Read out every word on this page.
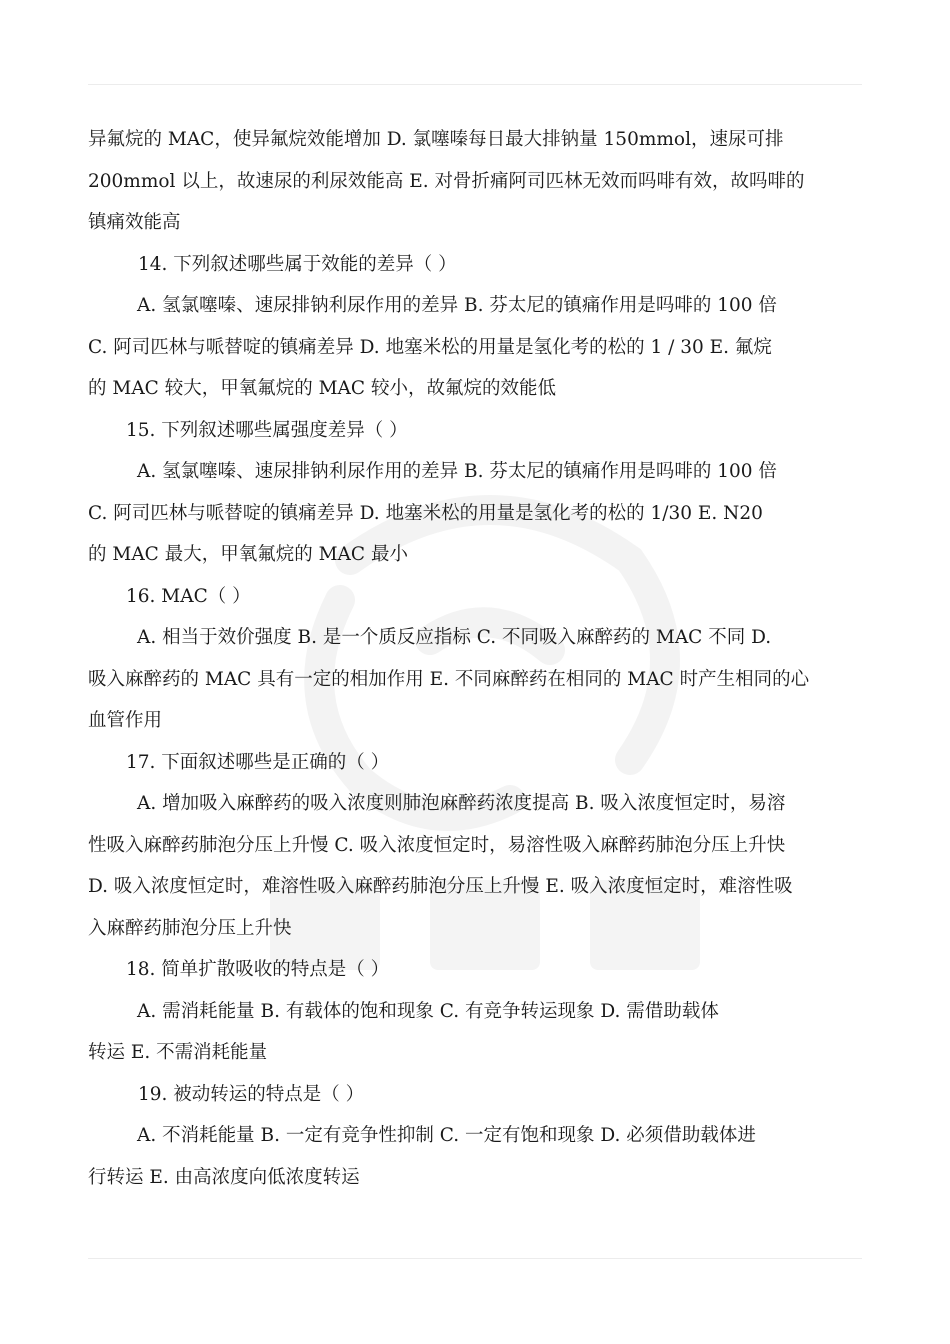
异氟烷的 MAC，使异氟烷效能增加 D. 氯噻嗪每日最大排钠量 150mmol，速尿可排
200mmol 以上，故速尿的利尿效能高 E. 对骨折痛阿司匹林无效而吗啡有效，故吗啡的
镇痛效能高
14. 下列叙述哪些属于效能的差异（ ）
A. 氢氯噻嗪、速尿排钠利尿作用的差异 B. 芬太尼的镇痛作用是吗啡的 100 倍
C. 阿司匹林与哌替啶的镇痛差异 D. 地塞米松的用量是氢化考的松的 1 / 30 E. 氟烷
的 MAC 较大，甲氧氟烷的 MAC 较小，故氟烷的效能低
15. 下列叙述哪些属强度差异（ ）
A. 氢氯噻嗪、速尿排钠利尿作用的差异 B. 芬太尼的镇痛作用是吗啡的 100 倍
C. 阿司匹林与哌替啶的镇痛差异 D. 地塞米松的用量是氢化考的松的 1/30 E. N20
的 MAC 最大，甲氧氟烷的 MAC 最小
16. MAC（ ）
A. 相当于效价强度 B. 是一个质反应指标 C. 不同吸入麻醉药的 MAC 不同 D.
吸入麻醉药的 MAC 具有一定的相加作用 E. 不同麻醉药在相同的 MAC 时产生相同的心
血管作用
17. 下面叙述哪些是正确的（ ）
A. 增加吸入麻醉药的吸入浓度则肺泡麻醉药浓度提高 B. 吸入浓度恒定时，易溶
性吸入麻醉药肺泡分压上升慢 C. 吸入浓度恒定时，易溶性吸入麻醉药肺泡分压上升快
D. 吸入浓度恒定时，难溶性吸入麻醉药肺泡分压上升慢 E. 吸入浓度恒定时，难溶性吸
入麻醉药肺泡分压上升快
18. 简单扩散吸收的特点是（ ）
A. 需消耗能量 B. 有载体的饱和现象 C. 有竞争转运现象 D. 需借助载体
转运 E. 不需消耗能量
19. 被动转运的特点是（ ）
A. 不消耗能量 B. 一定有竞争性抑制 C. 一定有饱和现象 D. 必须借助载体进
行转运 E. 由高浓度向低浓度转运
